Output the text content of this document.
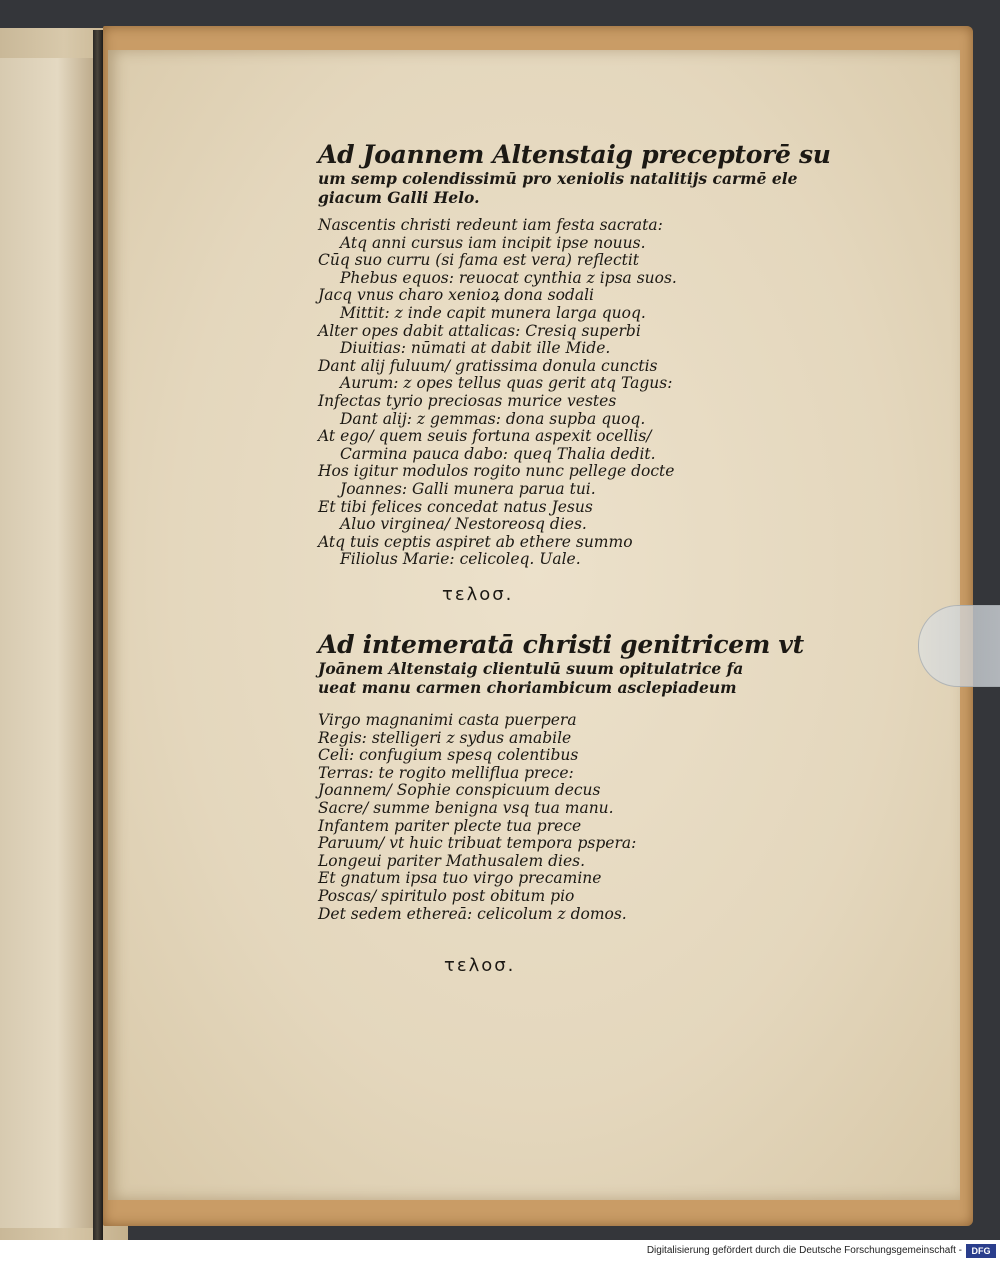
Ad Joannem Altenstaig preceptorē su
um semp colendissimū pro xeniolis natalitijs carmē ele
giacum Galli Helo.
Nascentis christi redeunt iam festa sacrata:
Atq anni cursus iam incipit ipse nouus.
Cūq suo curru (si fama est vera) reflectit
Phebus equos: reuocat cynthia z ipsa suos.
Jacq vnus charo xenioꝝ dona sodali
Mittit: z inde capit munera larga quoq.
Alter opes dabit attalicas: Cresiq superbi
Diuitias: nūmati at dabit ille Mide.
Dant alij fuluum/ gratissima donula cunctis
Aurum: z opes tellus quas gerit atq Tagus:
Infectas tyrio preciosas murice vestes
Dant alij: z gemmas: dona supba quoq.
At ego/ quem seuis fortuna aspexit ocellis/
Carmina pauca dabo: queq Thalia dedit.
Hos igitur modulos rogito nunc pellege docte
Joannes: Galli munera parua tui.
Et tibi felices concedat natus Jesus
Aluo virginea/ Nestoreosq dies.
Atq tuis ceptis aspiret ab ethere summo
Filiolus Marie: celicoleq. Uale.
τελοσ.
Ad intemeratā christi genitricem vt
Joānem Altenstaig clientulū suum opitulatrice fa
ueat manu carmen choriambicum asclepiadeum
Virgo magnanimi casta puerpera
Regis: stelligeri z sydus amabile
Celi: confugium spesq colentibus
Terras: te rogito melliflua prece:
Joannem/ Sophie conspicuum decus
Sacre/ summe benigna vsq tua manu.
Infantem pariter plecte tua prece
Paruum/ vt huic tribuat tempora pspera:
Longeui pariter Mathusalem dies.
Et gnatum ipsa tuo virgo precamine
Poscas/ spiritulo post obitum pio
Det sedem ethereā: celicolum z domos.
τελοσ.
Digitalisierung gefördert durch die Deutsche Forschungsgemeinschaft -	DFG
